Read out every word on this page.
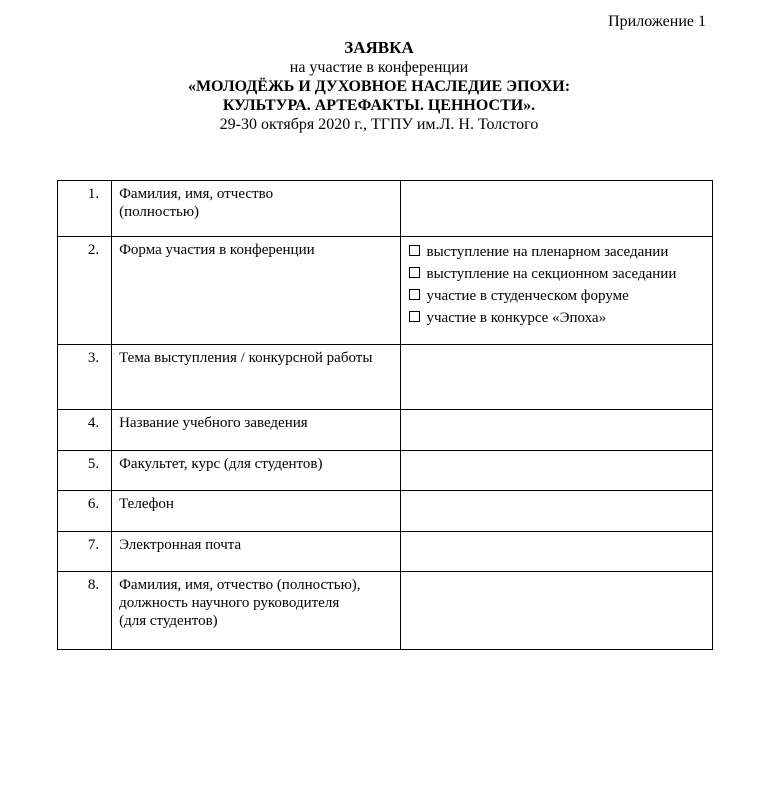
Приложение 1
ЗАЯВКА
на участие в конференции
«МОЛОДЁЖЬ И ДУХОВНОЕ НАСЛЕДИЕ ЭПОХИ:
КУЛЬТУРА. АРТЕФАКТЫ. ЦЕННОСТИ».
29-30 октября 2020 г., ТГПУ им.Л. Н. Толстого
1.	Фамилия, имя, отчество
(полностью)	

2.	Форма участия в конференции	выступление на пленарном заседании
выступление на секционном заседании
участие в студенческом форуме
участие в конкурсе «Эпоха»

3.	Тема выступления / конкурсной работы	

4.	Название учебного заведения	

5.	Факультет, курс (для студентов)	

6.	Телефон	

7.	Электронная почта	

8.	Фамилия, имя, отчество (полностью),
должность научного руководителя
(для студентов)	
